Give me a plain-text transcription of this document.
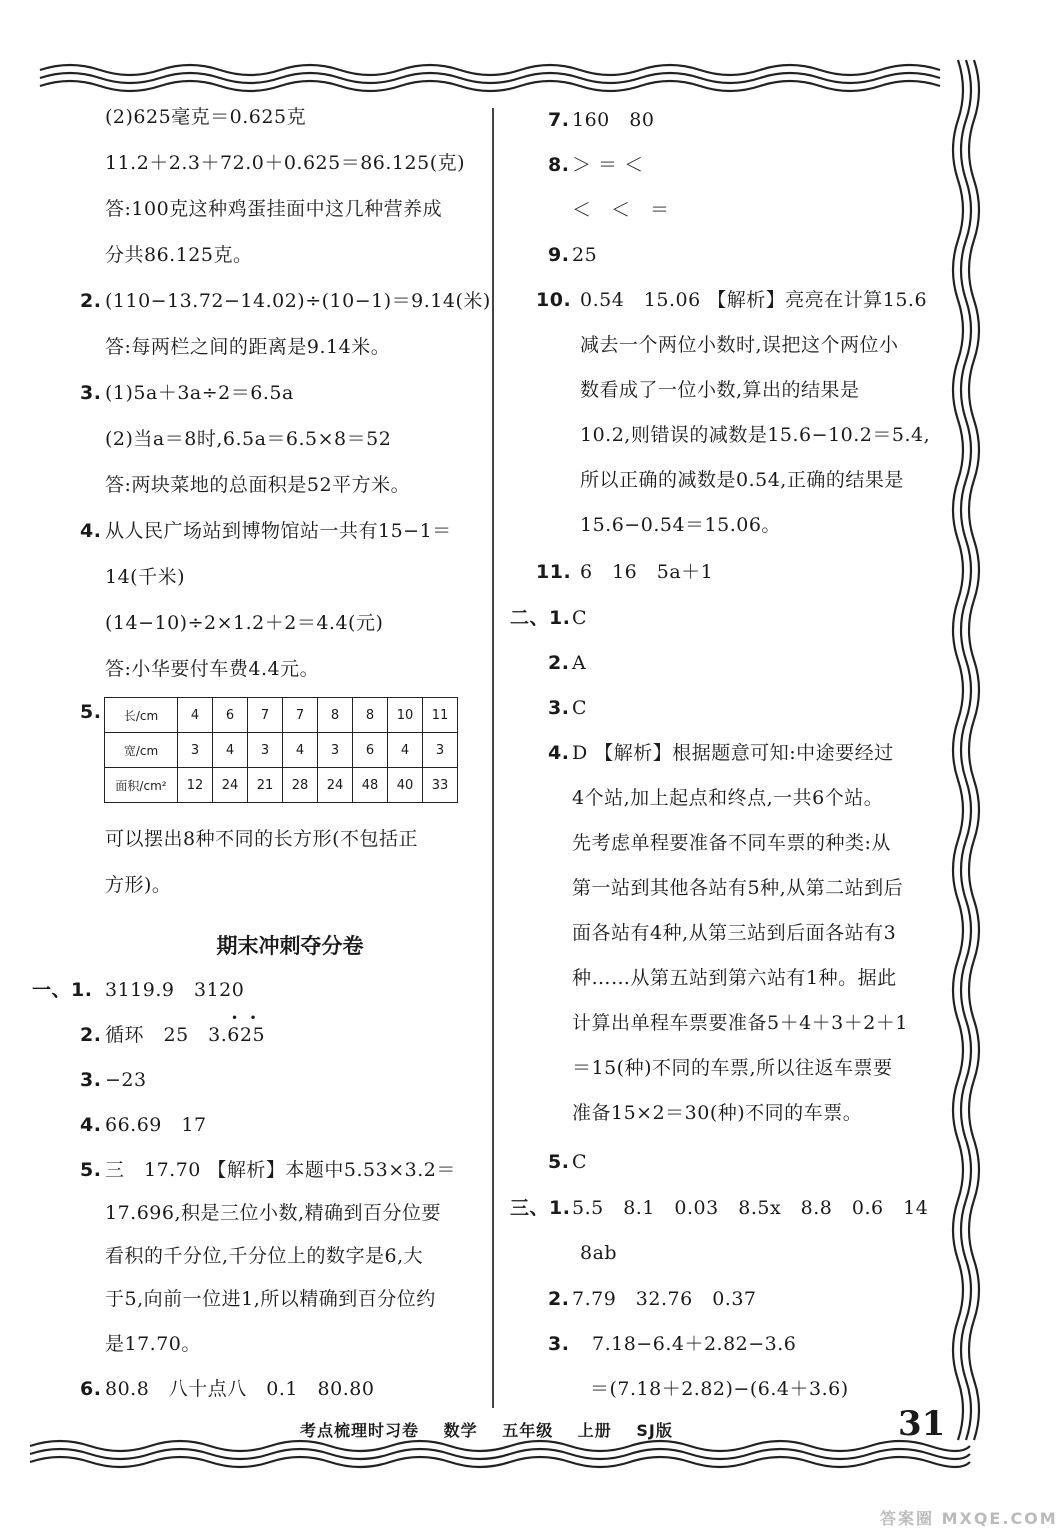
(2)625毫克＝0.625克
11.2＋2.3＋72.0＋0.625＝86.125(克)
答:100克这种鸡蛋挂面中这几种营养成
分共86.125克。
2. (110−13.72−14.02)÷(10−1)＝9.14(米)
答:每两栏之间的距离是9.14米。
3. (1)5a＋3a÷2＝6.5a
(2)当a＝8时,6.5a＝6.5×8＝52
答:两块菜地的总面积是52平方米。
4. 从人民广场站到博物馆站一共有15−1＝
14(千米)
(14−10)÷2×1.2＋2＝4.4(元)
答:小华要付车费4.4元。
5. 长/cm	4	6	7	7	8	8	10	11
宽/cm	3	4	3	4	3	6	4	3
面积/cm²	12	24	21	28	24	48	40	33
可以摆出8种不同的长方形(不包括正
方形)。
期末冲刺夺分卷
一、1. 3119.9　3120
2. 循环　25　3.625
•   •
3. −23
4. 66.69　17
5. 三　17.70 【解析】本题中5.53×3.2＝
17.696,积是三位小数,精确到百分位要
看积的千分位,千分位上的数字是6,大
于5,向前一位进1,所以精确到百分位约
是17.70。
6. 80.8　八十点八　0.1　80.80
7. 160　80
8. ＞ ＝ ＜
＜　＜　＝
9. 25
10. 0.54　15.06 【解析】亮亮在计算15.6
减去一个两位小数时,误把这个两位小
数看成了一位小数,算出的结果是
10.2,则错误的减数是15.6−10.2＝5.4,
所以正确的减数是0.54,正确的结果是
15.6−0.54＝15.06。
11. 6　16　5a＋1
二、1. C
2. A
3. C
4. D 【解析】根据题意可知:中途要经过
4个站,加上起点和终点,一共6个站。
先考虑单程要准备不同车票的种类:从
第一站到其他各站有5种,从第二站到后
面各站有4种,从第三站到后面各站有3
种……从第五站到第六站有1种。据此
计算出单程车票要准备5＋4＋3＋2＋1
＝15(种)不同的车票,所以往返车票要
准备15×2＝30(种)不同的车票。
5. C
三、1. 5.5　8.1　0.03　8.5x　8.8　0.6　14
8ab
2. 7.79　32.76　0.37
3. 7.18−6.4＋2.82−3.6
＝(7.18＋2.82)−(6.4＋3.6)
考点梳理时习卷 数学 五年级 上册 SJ版	31
答案圈 MXQE.COM
